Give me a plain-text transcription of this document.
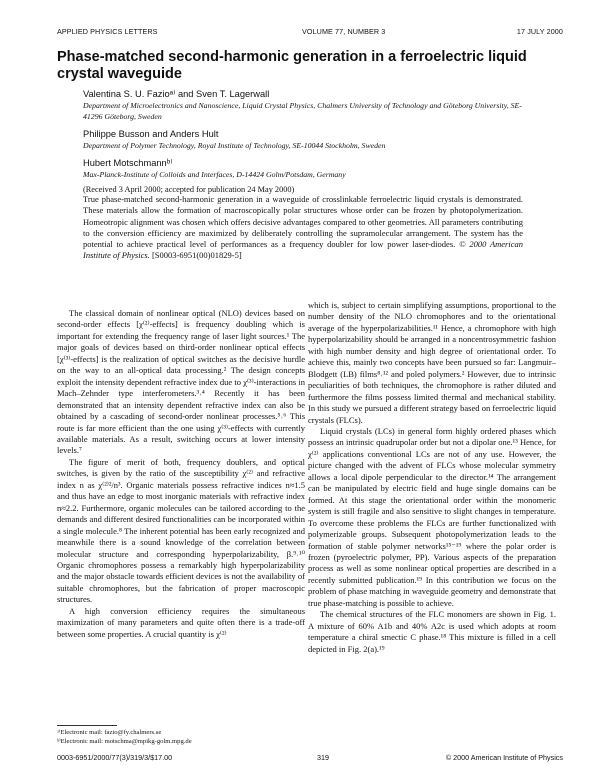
APPLIED PHYSICS LETTERS	VOLUME 77, NUMBER 3	17 JULY 2000
Phase-matched second-harmonic generation in a ferroelectric liquid crystal waveguide

Valentina S. U. Fazioᵃ⁾ and Sven T. Lagerwall

Department of Microelectronics and Nanoscience, Liquid Crystal Physics, Chalmers University of Technology and Göteborg University, SE-41296 Göteborg, Sweden

Philippe Busson and Anders Hult

Department of Polymer Technology, Royal Institute of Technology, SE-10044 Stockholm, Sweden

Hubert Motschmannᵇ⁾

Max-Planck-Institute of Colloids and Interfaces, D-14424 Golm/Potsdam, Germany

(Received 3 April 2000; accepted for publication 24 May 2000)

True phase-matched second-harmonic generation in a waveguide of crosslinkable ferroelectric liquid crystals is demonstrated. These materials allow the formation of macroscopically polar structures whose order can be frozen by photopolymerization. Homeotropic alignment was chosen which offers decisive advantages compared to other geometries. All parameters contributing to the conversion efficiency are maximized by deliberately controlling the supramolecular arrangement. The system has the potential to achieve practical level of performances as a frequency doubler for low power laser-diodes. © 2000 American Institute of Physics. [S0003-6951(00)01829-5]

The classical domain of nonlinear optical (NLO) devices based on second-order effects [χ⁽²⁾-effects] is frequency doubling which is important for extending the frequency range of laser light sources.¹ The major goals of devices based on third-order nonlinear optical effects [χ⁽³⁾-effects] is the realization of optical switches as the decisive hurdle on the way to an all-optical data processing.² The design concepts exploit the intensity dependent refractive index due to χ⁽³⁾-interactions in Mach–Zehnder type interferometers.³˒⁴ Recently it has been demonstrated that an intensity dependent refractive index can also be obtained by a cascading of second-order nonlinear processes.⁵˒⁶ This route is far more efficient than the one using χ⁽³⁾-effects with currently available materials. As a result, switching occurs at lower intensity levels.⁷

The figure of merit of both, frequency doublers, and optical switches, is given by the ratio of the susceptibility χ⁽²⁾ and refractive index n as χ⁽²⁾²/n³. Organic materials possess refractive indices n≈1.5 and thus have an edge to most inorganic materials with refractive index n≈2.2. Furthermore, organic molecules can be tailored according to the demands and different desired functionalities can be incorporated within a single molecule.⁸ The inherent potential has been early recognized and meanwhile there is a sound knowledge of the correlation between molecular structure and corresponding hyperpolarizability, β.⁹˒¹⁰ Organic chromophores possess a remarkably high hyperpolarizability and the major obstacle towards efficient devices is not the availability of suitable chromophores, but the fabrication of proper macroscopic structures.

A high conversion efficiency requires the simultaneous maximization of many parameters and quite often there is a trade-off between some properties. A crucial quantity is χ⁽²⁾

which is, subject to certain simplifying assumptions, proportional to the number density of the NLO chromophores and to the orientational average of the hyperpolarizabilities.¹¹ Hence, a chromophore with high hyperpolarizability should be arranged in a noncentrosymmetric fashion with high number density and high degree of orientational order. To achieve this, mainly two concepts have been pursued so far: Langmuir–Blodgett (LB) films⁸˒¹² and poled polymers.² However, due to intrinsic peculiarities of both techniques, the chromophore is rather diluted and furthermore the films possess limited thermal and mechanical stability. In this study we pursued a different strategy based on ferroelectric liquid crystals (FLCs).

Liquid crystals (LCs) in general form highly ordered phases which possess an intrinsic quadrupolar order but not a dipolar one.¹³ Hence, for χ⁽²⁾ applications conventional LCs are not of any use. However, the picture changed with the advent of FLCs whose molecular symmetry allows a local dipole perpendicular to the director.¹⁴ The arrangement can be manipulated by electric field and huge single domains can be formed. At this stage the orientational order within the monomeric system is still fragile and also sensitive to slight changes in temperature. To overcome these problems the FLCs are further functionalized with polymerizable groups. Subsequent photopolymerization leads to the formation of stable polymer networks¹⁵⁻¹⁹ where the polar order is frozen (pyroelectric polymer, PP). Various aspects of the preparation process as well as some nonlinear optical properties are described in a recently submitted publication.¹⁹ In this contribution we focus on the problem of phase matching in waveguide geometry and demonstrate that true phase-matching is possible to achieve.

The chemical structures of the FLC monomers are shown in Fig. 1. A mixture of 60% A1b and 40% A2c is used which adopts at room temperature a chiral smectic C phase.¹⁸ This mixture is filled in a cell depicted in Fig. 2(a).¹⁹

ᵃ⁾Electronic mail: fazio@fy.chalmers.se
ᵇ⁾Electronic mail: motschma@mpikg-golm.mpg.de
0003-6951/2000/77(3)/319/3/$17.00	319	© 2000 American Institute of Physics
